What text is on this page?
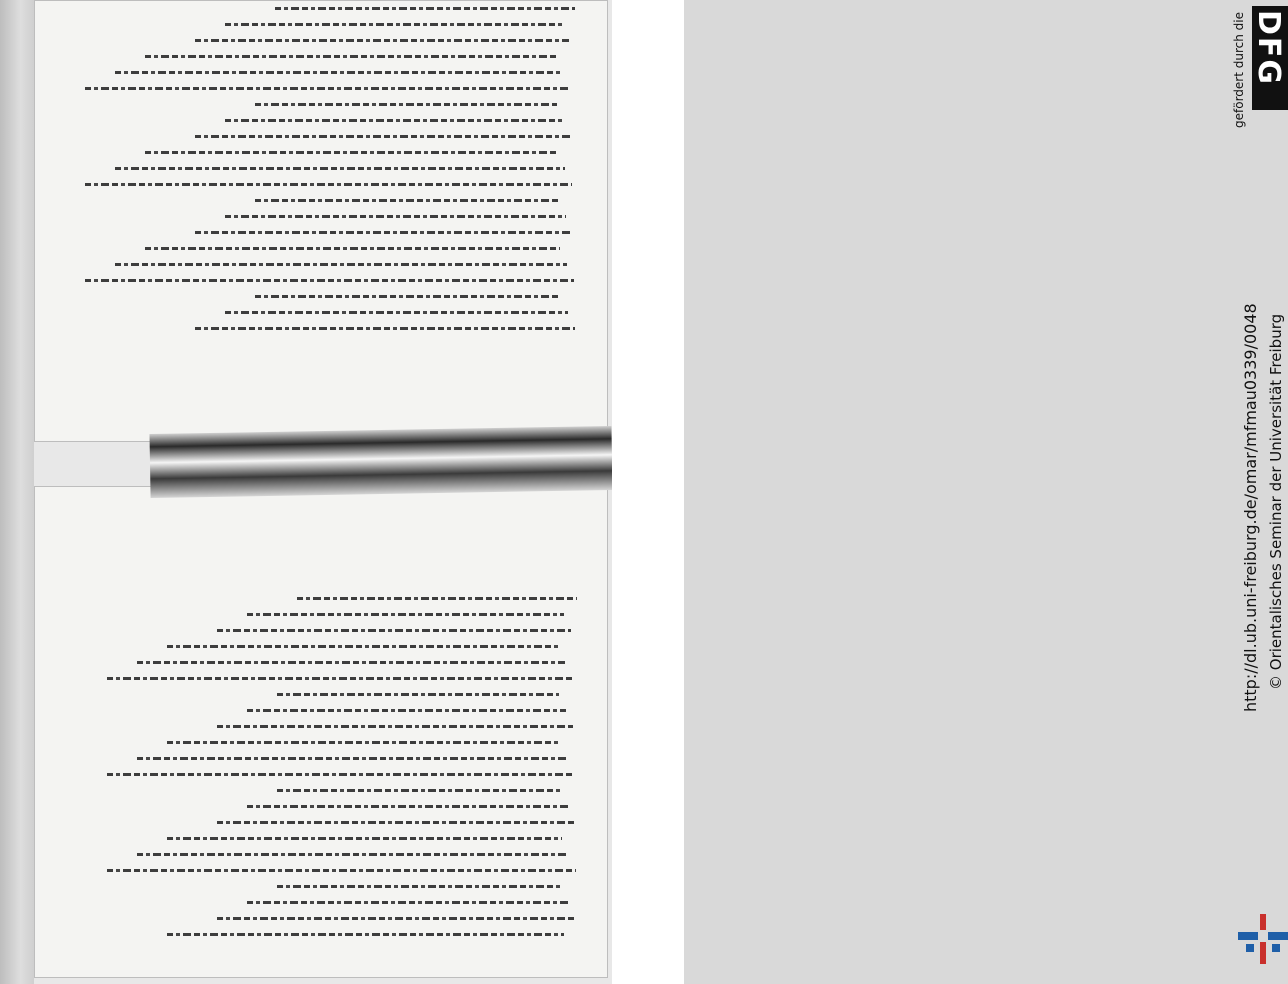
DFG
gefördert durch die
http://dl.ub.uni-freiburg.de/omar/mfmau0339/0048 © Orientalisches Seminar der Universität Freiburg
